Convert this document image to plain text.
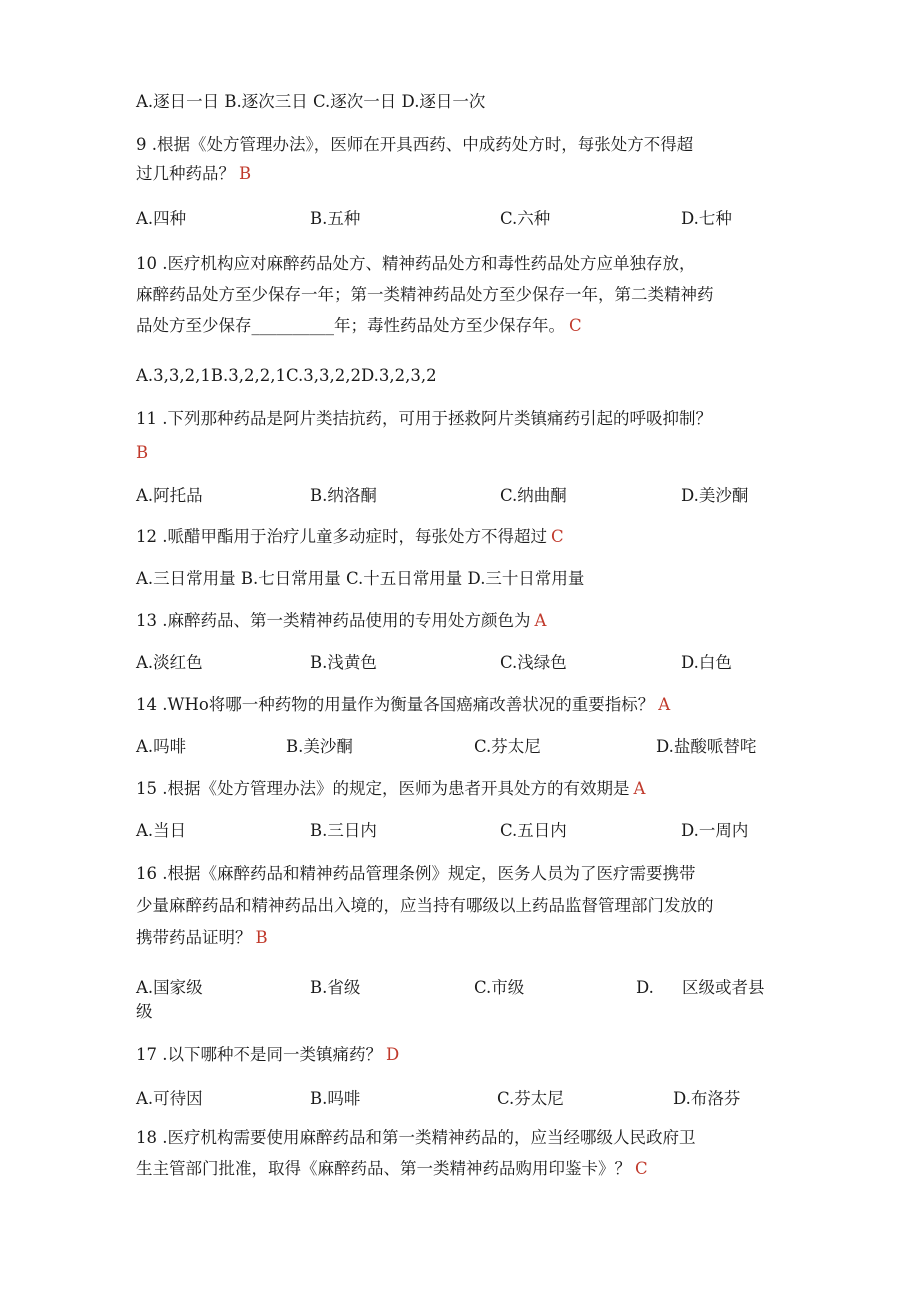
A.逐日一日 B.逐次三日 C.逐次一日 D.逐日一次
9 .根据《处方管理办法》，医师在开具西药、中成药处方时，每张处方不得超
过几种药品？ B
A.四种	B.五种	C.六种	D.七种
10 .医疗机构应对麻醉药品处方、精神药品处方和毒性药品处方应单独存放，
麻醉药品处方至少保存一年；第一类精神药品处方至少保存一年，第二类精神药
品处方至少保存__________年；毒性药品处方至少保存年。 C
A.3,3,2,1B.3,2,2,1C.3,3,2,2D.3,2,3,2
11 .下列那种药品是阿片类拮抗药，可用于拯救阿片类镇痛药引起的呼吸抑制？
B
A.阿托品	B.纳洛酮	C.纳曲酮	D.美沙酮
12 .哌醋甲酯用于治疗儿童多动症时，每张处方不得超过 C
A.三日常用量 B.七日常用量 C.十五日常用量 D.三十日常用量
13 .麻醉药品、第一类精神药品使用的专用处方颜色为 A
A.淡红色	B.浅黄色	C.浅绿色	D.白色
14 .WHo将哪一种药物的用量作为衡量各国癌痛改善状况的重要指标？ A
A.吗啡	B.美沙酮	C.芬太尼	D.盐酸哌替咤
15 .根据《处方管理办法》的规定，医师为患者开具处方的有效期是 A
A.当日	B.三日内	C.五日内	D.一周内
16 .根据《麻醉药品和精神药品管理条例》规定，医务人员为了医疗需要携带
少量麻醉药品和精神药品出入境的，应当持有哪级以上药品监督管理部门发放的
携带药品证明？ B
A.国家级	B.省级	C.市级	D. 区级或者县
级
17 .以下哪种不是同一类镇痛药？ D
A.可待因	B.吗啡	C.芬太尼	D.布洛芬
18 .医疗机构需要使用麻醉药品和第一类精神药品的，应当经哪级人民政府卫
生主管部门批准，取得《麻醉药品、第一类精神药品购用印鉴卡》？ C
